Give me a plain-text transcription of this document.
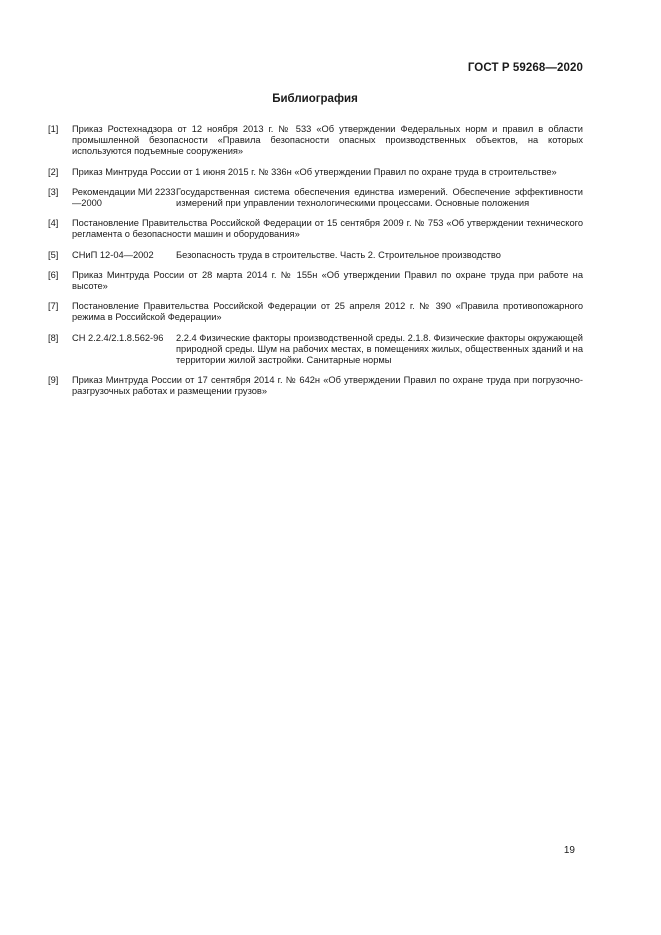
ГОСТ Р 59268—2020
Библиография
[1] Приказ Ростехнадзора от 12 ноября 2013 г. № 533 «Об утверждении Федеральных норм и правил в области промышленной безопасности «Правила безопасности опасных производственных объектов, на которых используются подъемные сооружения»
[2] Приказ Минтруда России от 1 июня 2015 г. № 336н «Об утверждении Правил по охране труда в строительстве»
[3] Рекомендации МИ 2233—2000
Государственная система обеспечения единства измерений. Обеспечение эффективности измерений при управлении технологическими процессами. Основные положения
[4] Постановление Правительства Российской Федерации от 15 сентября 2009 г. № 753 «Об утверждении технического регламента о безопасности машин и оборудования»
[5] СНиП 12-04—2002	Безопасность труда в строительстве. Часть 2. Строительное производство
[6] Приказ Минтруда России от 28 марта 2014 г. № 155н «Об утверждении Правил по охране труда при работе на высоте»
[7] Постановление Правительства Российской Федерации от 25 апреля 2012 г. № 390 «Правила противопожарного режима в Российской Федерации»
[8] СН 2.2.4/2.1.8.562-96	2.2.4 Физические факторы производственной среды. 2.1.8. Физические факторы окружающей природной среды. Шум на рабочих местах, в помещениях жилых, общественных зданий и на территории жилой застройки. Санитарные нормы
[9] Приказ Минтруда России от 17 сентября 2014 г. № 642н «Об утверждении Правил по охране труда при погрузочно-разгрузочных работах и размещении грузов»
19
